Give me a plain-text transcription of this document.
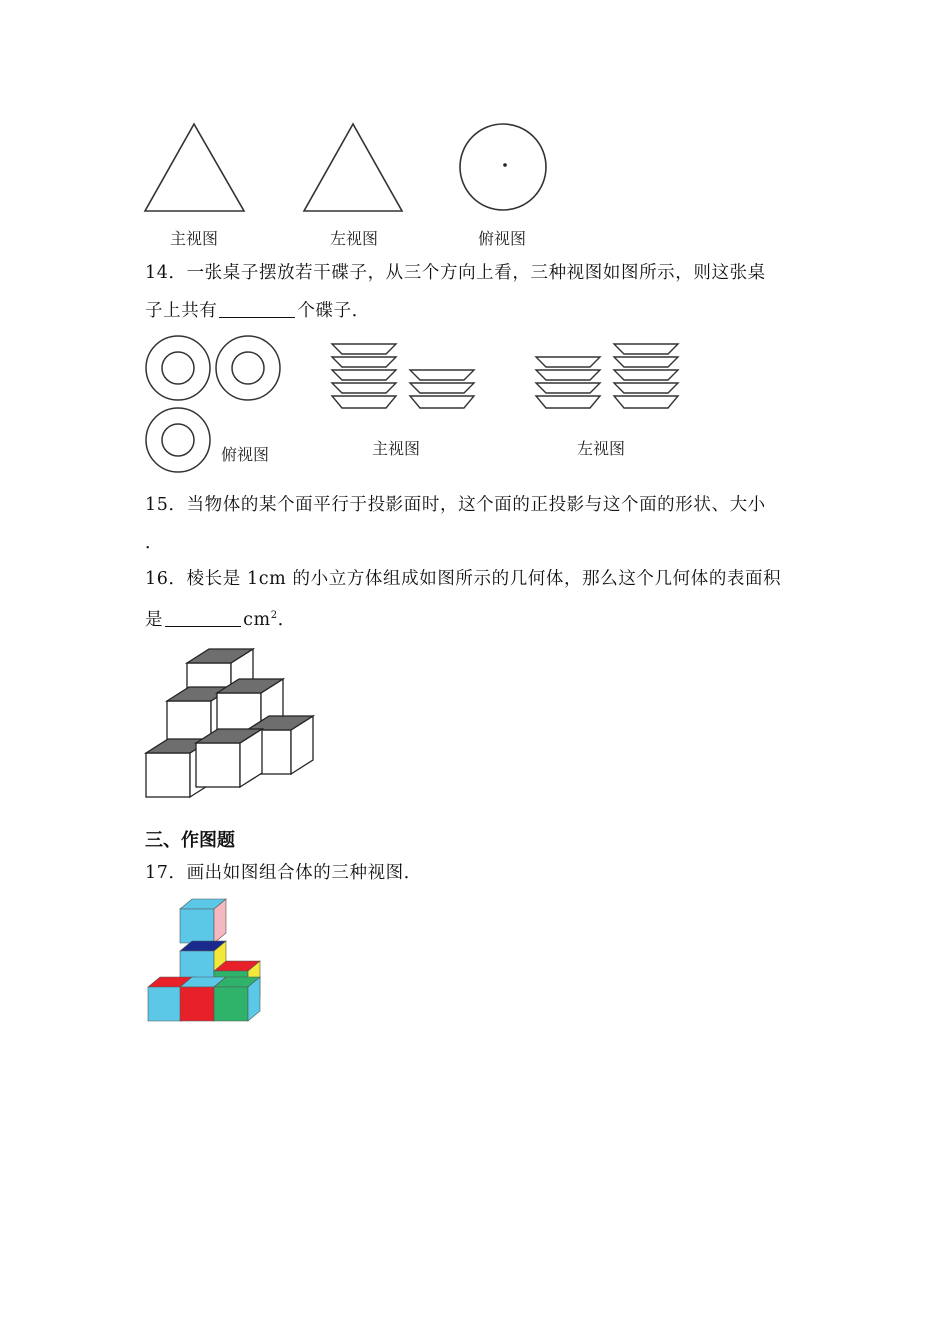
主视图	左视图	俯视图
14．一张桌子摆放若干碟子，从三个方向上看，三种视图如图所示，则这张桌
子上共有	个碟子．
俯视图	主视图	左视图
15．当物体的某个面平行于投影面时，这个面的正投影与这个面的形状、大小
．
16．棱长是 1cm 的小立方体组成如图所示的几何体，那么这个几何体的表面积
是	$cm^2$．
三、作图题
17．画出如图组合体的三种视图．
